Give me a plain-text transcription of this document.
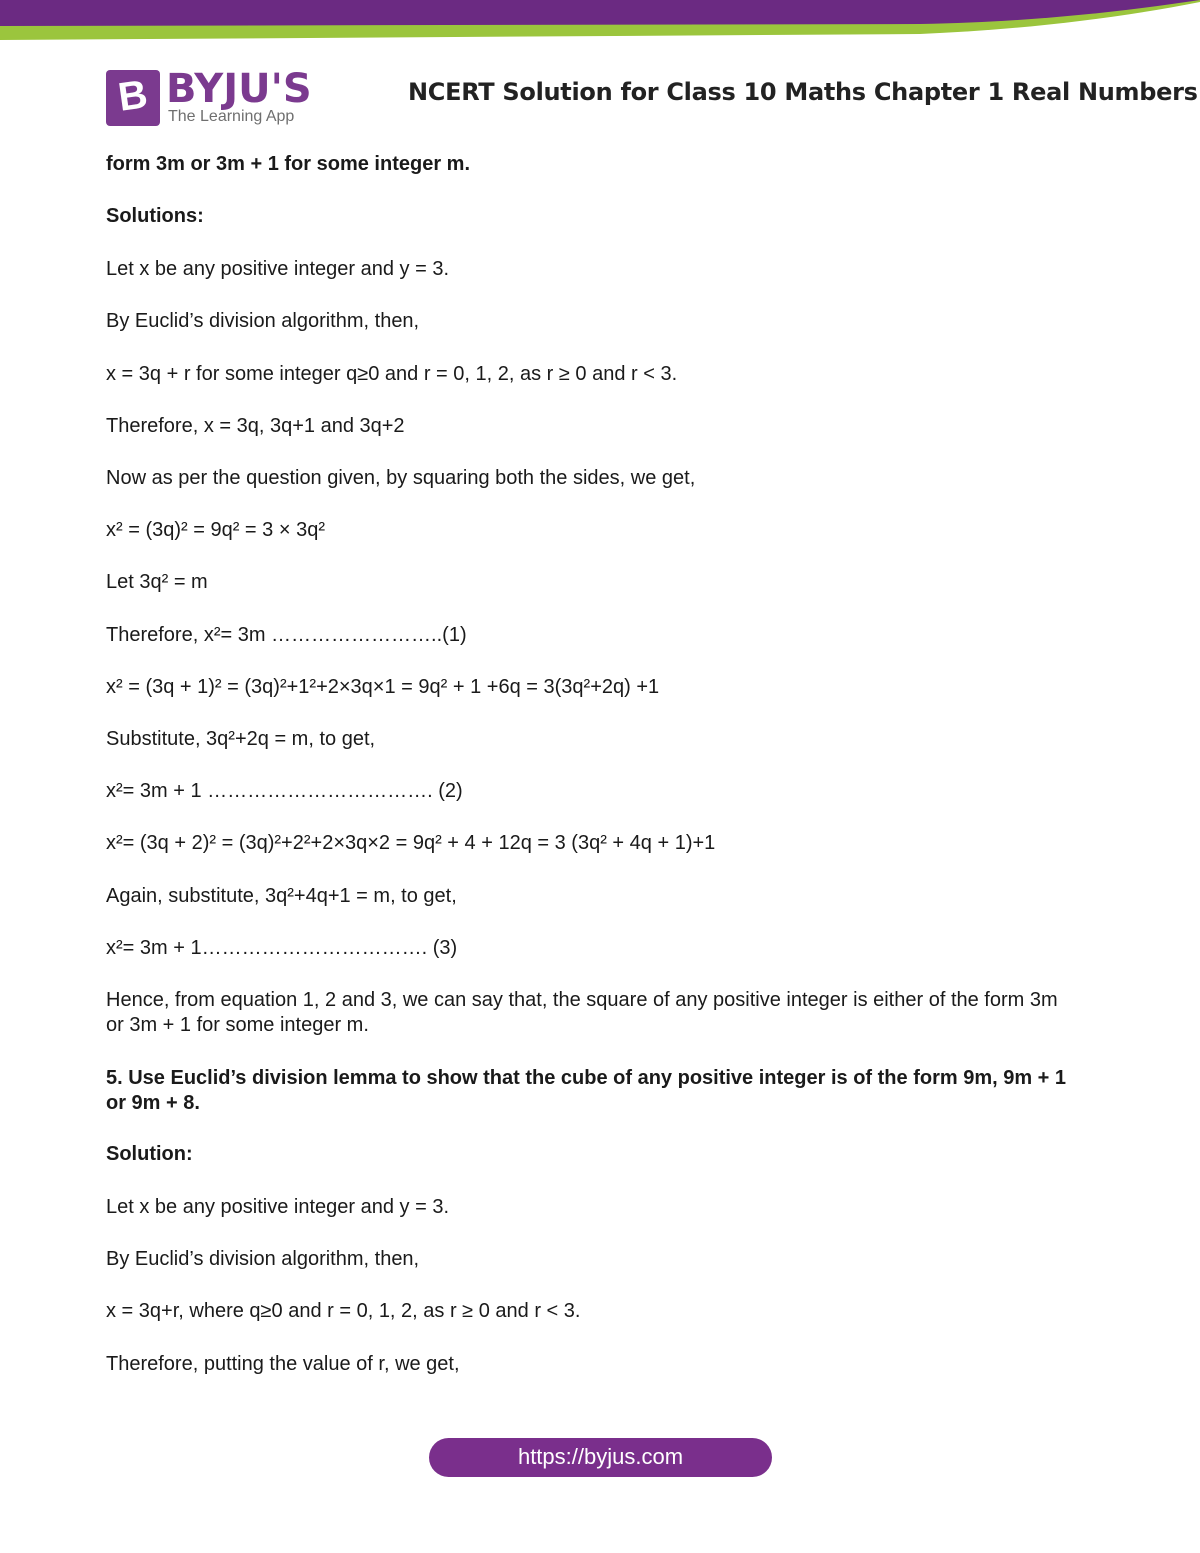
B BYJU'S
The Learning App
NCERT Solution for Class 10 Maths Chapter 1 Real Numbers

form 3m or 3m + 1 for some integer m.

Solutions:

Let x be any positive integer and y = 3.

By Euclid’s division algorithm, then,

x = 3q + r for some integer q≥0 and r = 0, 1, 2, as r ≥ 0 and r < 3.

Therefore, x = 3q, 3q+1 and 3q+2

Now as per the question given, by squaring both the sides, we get,

x² = (3q)² = 9q² = 3 × 3q²

Let 3q² = m

Therefore, x²= 3m ……………………..(1)

x² = (3q + 1)² = (3q)²+1²+2×3q×1 = 9q² + 1 +6q = 3(3q²+2q) +1

Substitute, 3q²+2q = m, to get,

x²= 3m + 1 ……………………………. (2)

x²= (3q + 2)² = (3q)²+2²+2×3q×2 = 9q² + 4 + 12q = 3 (3q² + 4q + 1)+1

Again, substitute, 3q²+4q+1 = m, to get,

x²= 3m + 1……………………………. (3)

Hence, from equation 1, 2 and 3, we can say that, the square of any positive integer is either of the form 3m or 3m + 1 for some integer m.

5. Use Euclid’s division lemma to show that the cube of any positive integer is of the form 9m, 9m + 1 or 9m + 8.

Solution:

Let x be any positive integer and y = 3.

By Euclid’s division algorithm, then,

x = 3q+r, where q≥0 and r = 0, 1, 2, as r ≥ 0 and r < 3.

Therefore, putting the value of r, we get,

https://byjus.com
